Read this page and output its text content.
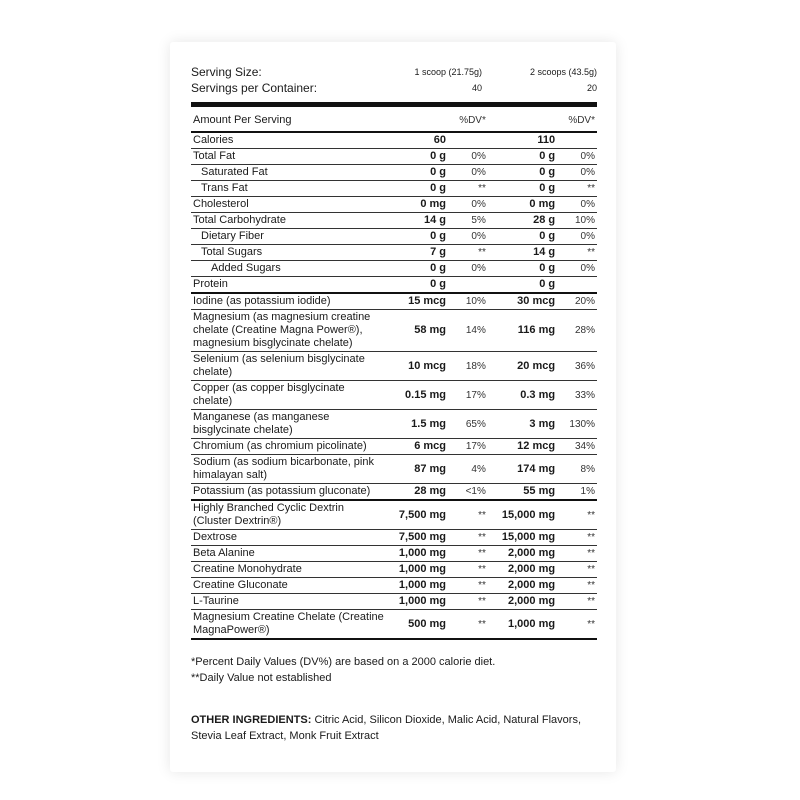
Serving Size:	1 scoop (21.75g)	2 scoops (43.5g)
Servings per Container:	40	20
Amount Per Serving		%DV*		%DV*
Calories	60		110	
Total Fat	0 g	0%	0 g	0%
Saturated Fat	0 g	0%	0 g	0%
Trans Fat	0 g	**	0 g	**
Cholesterol	0 mg	0%	0 mg	0%
Total Carbohydrate	14 g	5%	28 g	10%
Dietary Fiber	0 g	0%	0 g	0%
Total Sugars	7 g	**	14 g	**
Added Sugars	0 g	0%	0 g	0%
Protein	0 g		0 g	
Iodine (as potassium iodide)	15 mcg	10%	30 mcg	20%
Magnesium (as magnesium creatine chelate (Creatine Magna Power®), magnesium bisglycinate chelate)	58 mg	14%	116 mg	28%
Selenium (as selenium bisglycinate chelate)	10 mcg	18%	20 mcg	36%
Copper (as copper bisglycinate chelate)	0.15 mg	17%	0.3 mg	33%
Manganese (as manganese bisglycinate chelate)	1.5 mg	65%	3 mg	130%
Chromium (as chromium picolinate)	6 mcg	17%	12 mcg	34%
Sodium (as sodium bicarbonate, pink himalayan salt)	87 mg	4%	174 mg	8%
Potassium (as potassium gluconate)	28 mg	<1%	55 mg	1%
Highly Branched Cyclic Dextrin (Cluster Dextrin®)	7,500 mg	**	15,000 mg	**
Dextrose	7,500 mg	**	15,000 mg	**
Beta Alanine	1,000 mg	**	2,000 mg	**
Creatine Monohydrate	1,000 mg	**	2,000 mg	**
Creatine Gluconate	1,000 mg	**	2,000 mg	**
L-Taurine	1,000 mg	**	2,000 mg	**
Magnesium Creatine Chelate (Creatine MagnaPower®)	500 mg	**	1,000 mg	**
*Percent Daily Values (DV%) are based on a 2000 calorie diet.
**Daily Value not established
OTHER INGREDIENTS: Citric Acid, Silicon Dioxide, Malic Acid, Natural Flavors, Stevia Leaf Extract, Monk Fruit Extract
